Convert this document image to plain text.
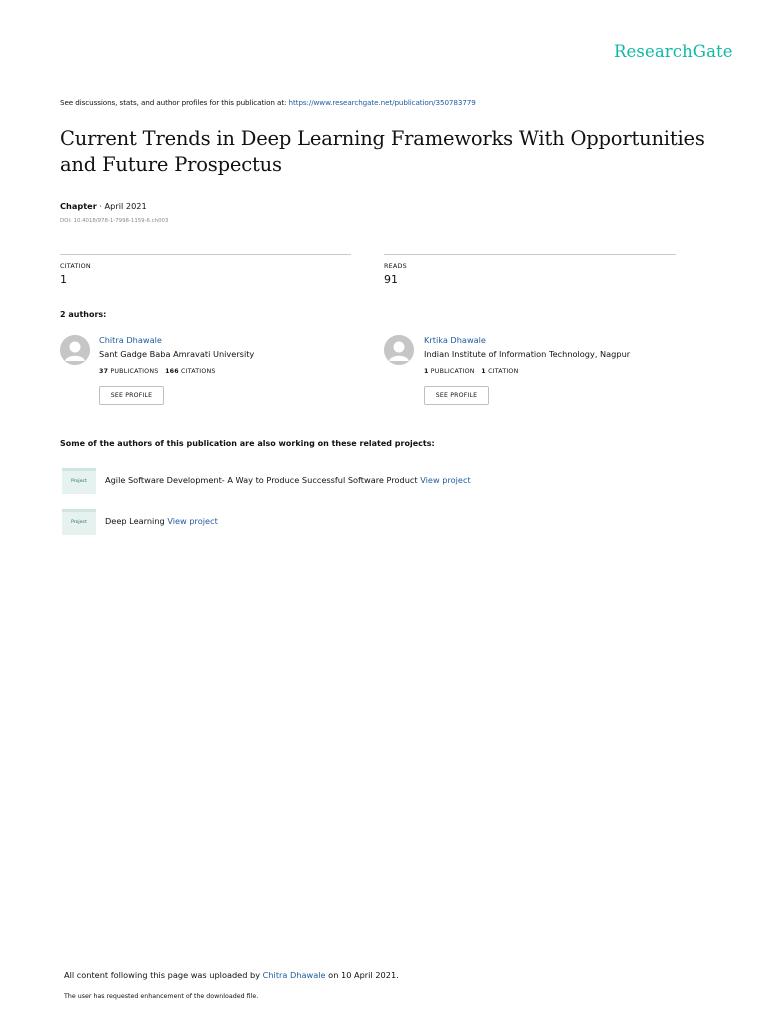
ResearchGate
See discussions, stats, and author profiles for this publication at: https://www.researchgate.net/publication/350783779
Current Trends in Deep Learning Frameworks With Opportunities and Future Prospectus
Chapter · April 2021
DOI: 10.4018/978-1-7998-1159-6.ch003
CITATION
1
READS
91
2 authors:
Chitra Dhawale
Sant Gadge Baba Amravati University
37 PUBLICATIONS 166 CITATIONS
SEE PROFILE
Krtika Dhawale
Indian Institute of Information Technology, Nagpur
1 PUBLICATION 1 CITATION
SEE PROFILE
Some of the authors of this publication are also working on these related projects:
Project	Agile Software Development- A Way to Produce Successful Software Product View project
Project	Deep Learning View project
All content following this page was uploaded by Chitra Dhawale on 10 April 2021.
The user has requested enhancement of the downloaded file.
